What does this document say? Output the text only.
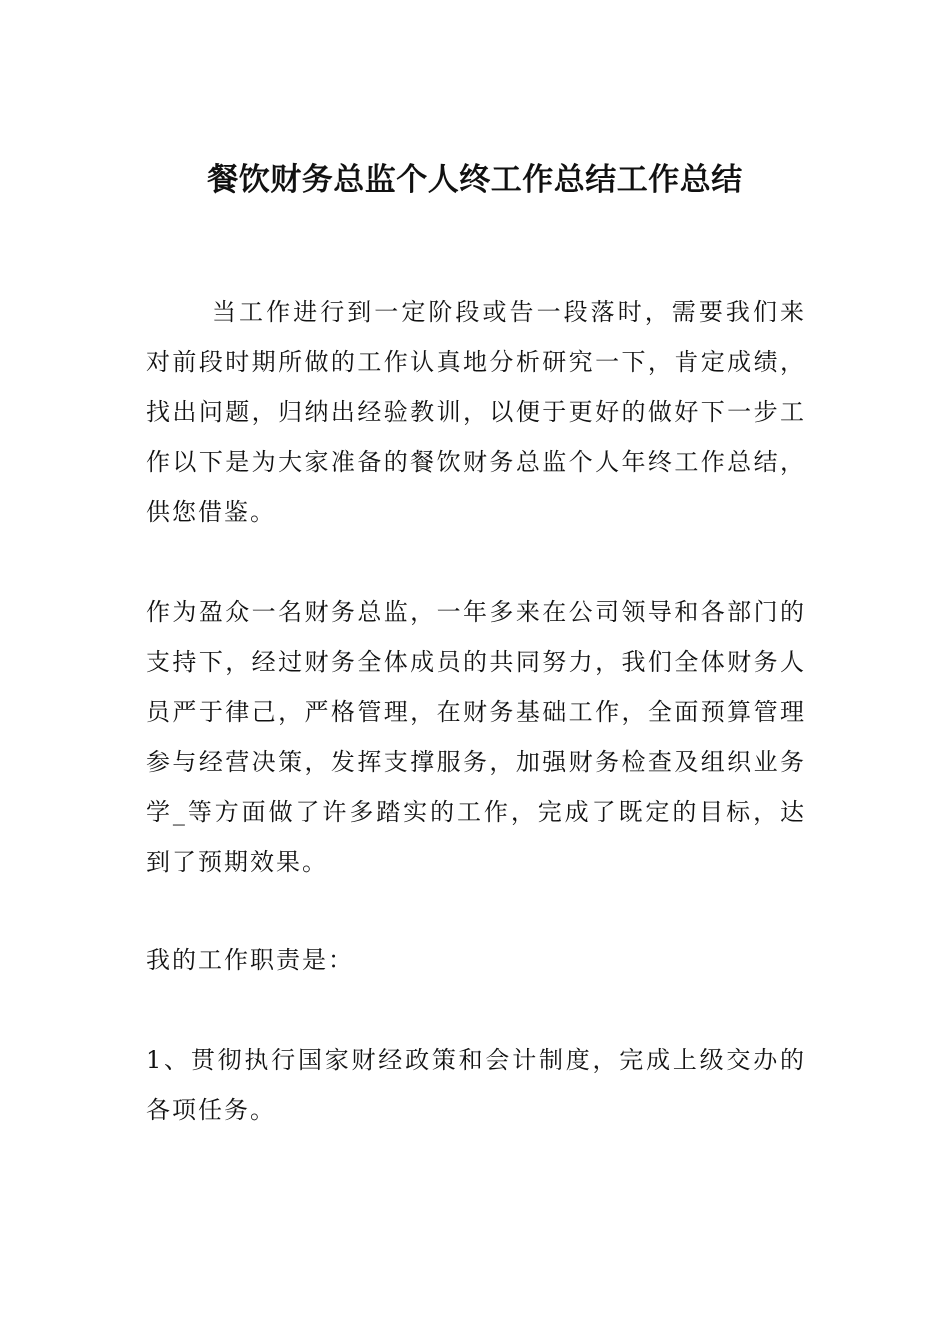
餐饮财务总监个人终工作总结工作总结

当工作进行到一定阶段或告一段落时，需要我们来对前段时期所做的工作认真地分析研究一下，肯定成绩，找出问题，归纳出经验教训，以便于更好的做好下一步工作以下是为大家准备的餐饮财务总监个人年终工作总结，供您借鉴。

作为盈众一名财务总监，一年多来在公司领导和各部门的支持下，经过财务全体成员的共同努力，我们全体财务人员严于律己，严格管理，在财务基础工作，全面预算管理参与经营决策，发挥支撑服务，加强财务检查及组织业务学_等方面做了许多踏实的工作，完成了既定的目标，达到了预期效果。

我的工作职责是：

1、贯彻执行国家财经政策和会计制度，完成上级交办的各项任务。
